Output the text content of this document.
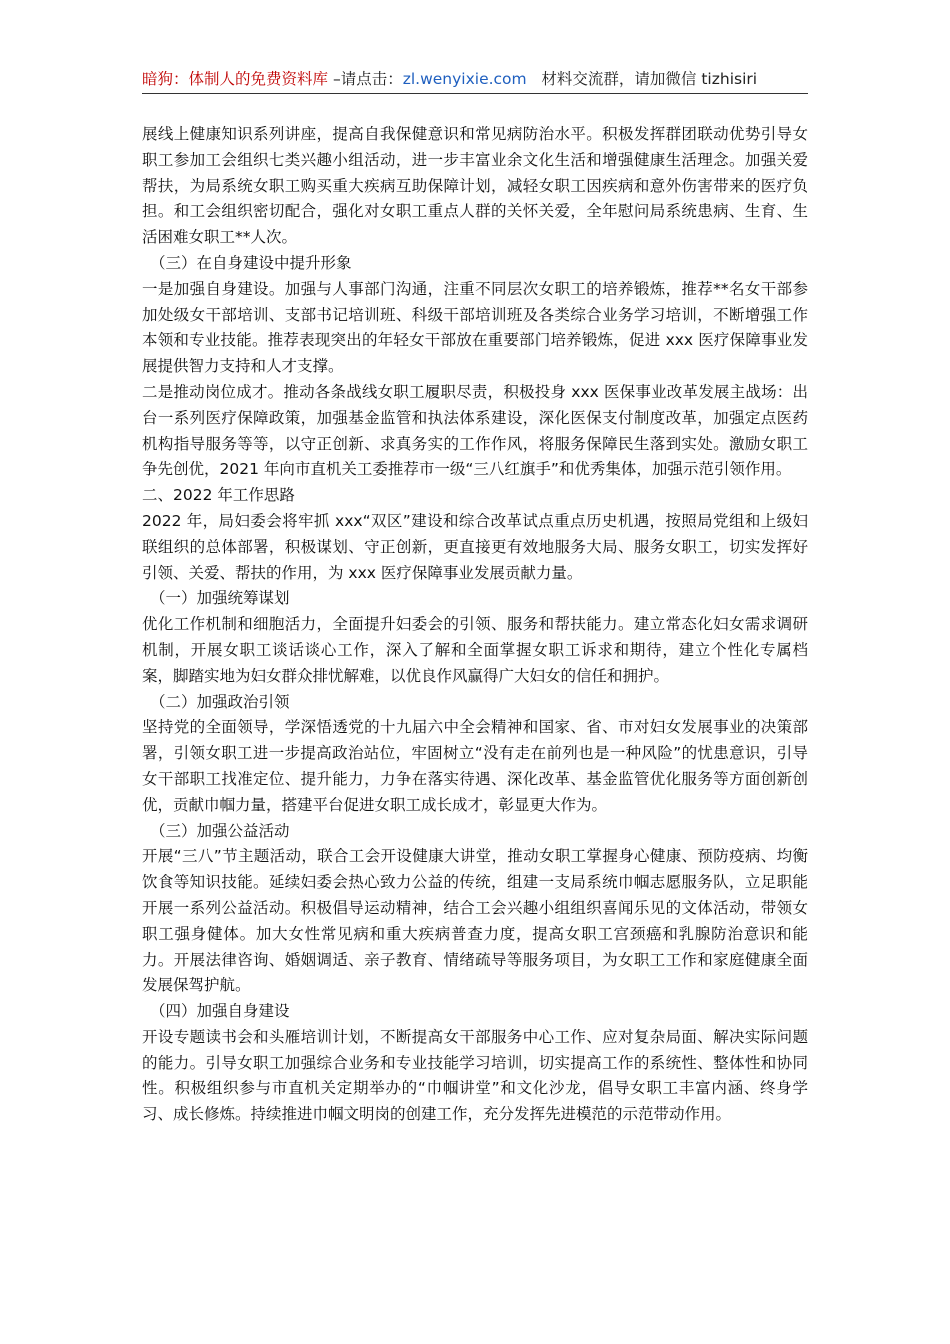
暗狗：体制人的免费资料库 –请点击：zl.wenyixie.com 材料交流群，请加微信 tizhisiri

展线上健康知识系列讲座，提高自我保健意识和常见病防治水平。积极发挥群团联动优势引导女职工参加工会组织七类兴趣小组活动，进一步丰富业余文化生活和增强健康生活理念。加强关爱帮扶，为局系统女职工购买重大疾病互助保障计划，减轻女职工因疾病和意外伤害带来的医疗负担。和工会组织密切配合，强化对女职工重点人群的关怀关爱，全年慰问局系统患病、生育、生活困难女职工**人次。

（三）在自身建设中提升形象

一是加强自身建设。加强与人事部门沟通，注重不同层次女职工的培养锻炼，推荐**名女干部参加处级女干部培训、支部书记培训班、科级干部培训班及各类综合业务学习培训，不断增强工作本领和专业技能。推荐表现突出的年轻女干部放在重要部门培养锻炼，促进 xxx 医疗保障事业发展提供智力支持和人才支撑。

二是推动岗位成才。推动各条战线女职工履职尽责，积极投身 xxx 医保事业改革发展主战场：出台一系列医疗保障政策，加强基金监管和执法体系建设，深化医保支付制度改革，加强定点医药机构指导服务等等，以守正创新、求真务实的工作作风，将服务保障民生落到实处。激励女职工争先创优，2021 年向市直机关工委推荐市一级“三八红旗手”和优秀集体，加强示范引领作用。

二、2022 年工作思路

2022 年，局妇委会将牢抓 xxx“双区”建设和综合改革试点重点历史机遇，按照局党组和上级妇联组织的总体部署，积极谋划、守正创新，更直接更有效地服务大局、服务女职工，切实发挥好引领、关爱、帮扶的作用，为 xxx 医疗保障事业发展贡献力量。

（一）加强统筹谋划

优化工作机制和细胞活力，全面提升妇委会的引领、服务和帮扶能力。建立常态化妇女需求调研机制，开展女职工谈话谈心工作，深入了解和全面掌握女职工诉求和期待，建立个性化专属档案，脚踏实地为妇女群众排忧解难，以优良作风赢得广大妇女的信任和拥护。

（二）加强政治引领

坚持党的全面领导，学深悟透党的十九届六中全会精神和国家、省、市对妇女发展事业的决策部署，引领女职工进一步提高政治站位，牢固树立“没有走在前列也是一种风险”的忧患意识，引导女干部职工找准定位、提升能力，力争在落实待遇、深化改革、基金监管优化服务等方面创新创优，贡献巾帼力量，搭建平台促进女职工成长成才，彰显更大作为。

（三）加强公益活动

开展“三八”节主题活动，联合工会开设健康大讲堂，推动女职工掌握身心健康、预防疫病、均衡饮食等知识技能。延续妇委会热心致力公益的传统，组建一支局系统巾帼志愿服务队，立足职能开展一系列公益活动。积极倡导运动精神，结合工会兴趣小组组织喜闻乐见的文体活动，带领女职工强身健体。加大女性常见病和重大疾病普查力度，提高女职工宫颈癌和乳腺防治意识和能力。开展法律咨询、婚姻调适、亲子教育、情绪疏导等服务项目，为女职工工作和家庭健康全面发展保驾护航。

（四）加强自身建设

开设专题读书会和头雁培训计划，不断提高女干部服务中心工作、应对复杂局面、解决实际问题的能力。引导女职工加强综合业务和专业技能学习培训，切实提高工作的系统性、整体性和协同性。积极组织参与市直机关定期举办的“巾帼讲堂”和文化沙龙，倡导女职工丰富内涵、终身学习、成长修炼。持续推进巾帼文明岗的创建工作，充分发挥先进模范的示范带动作用。
